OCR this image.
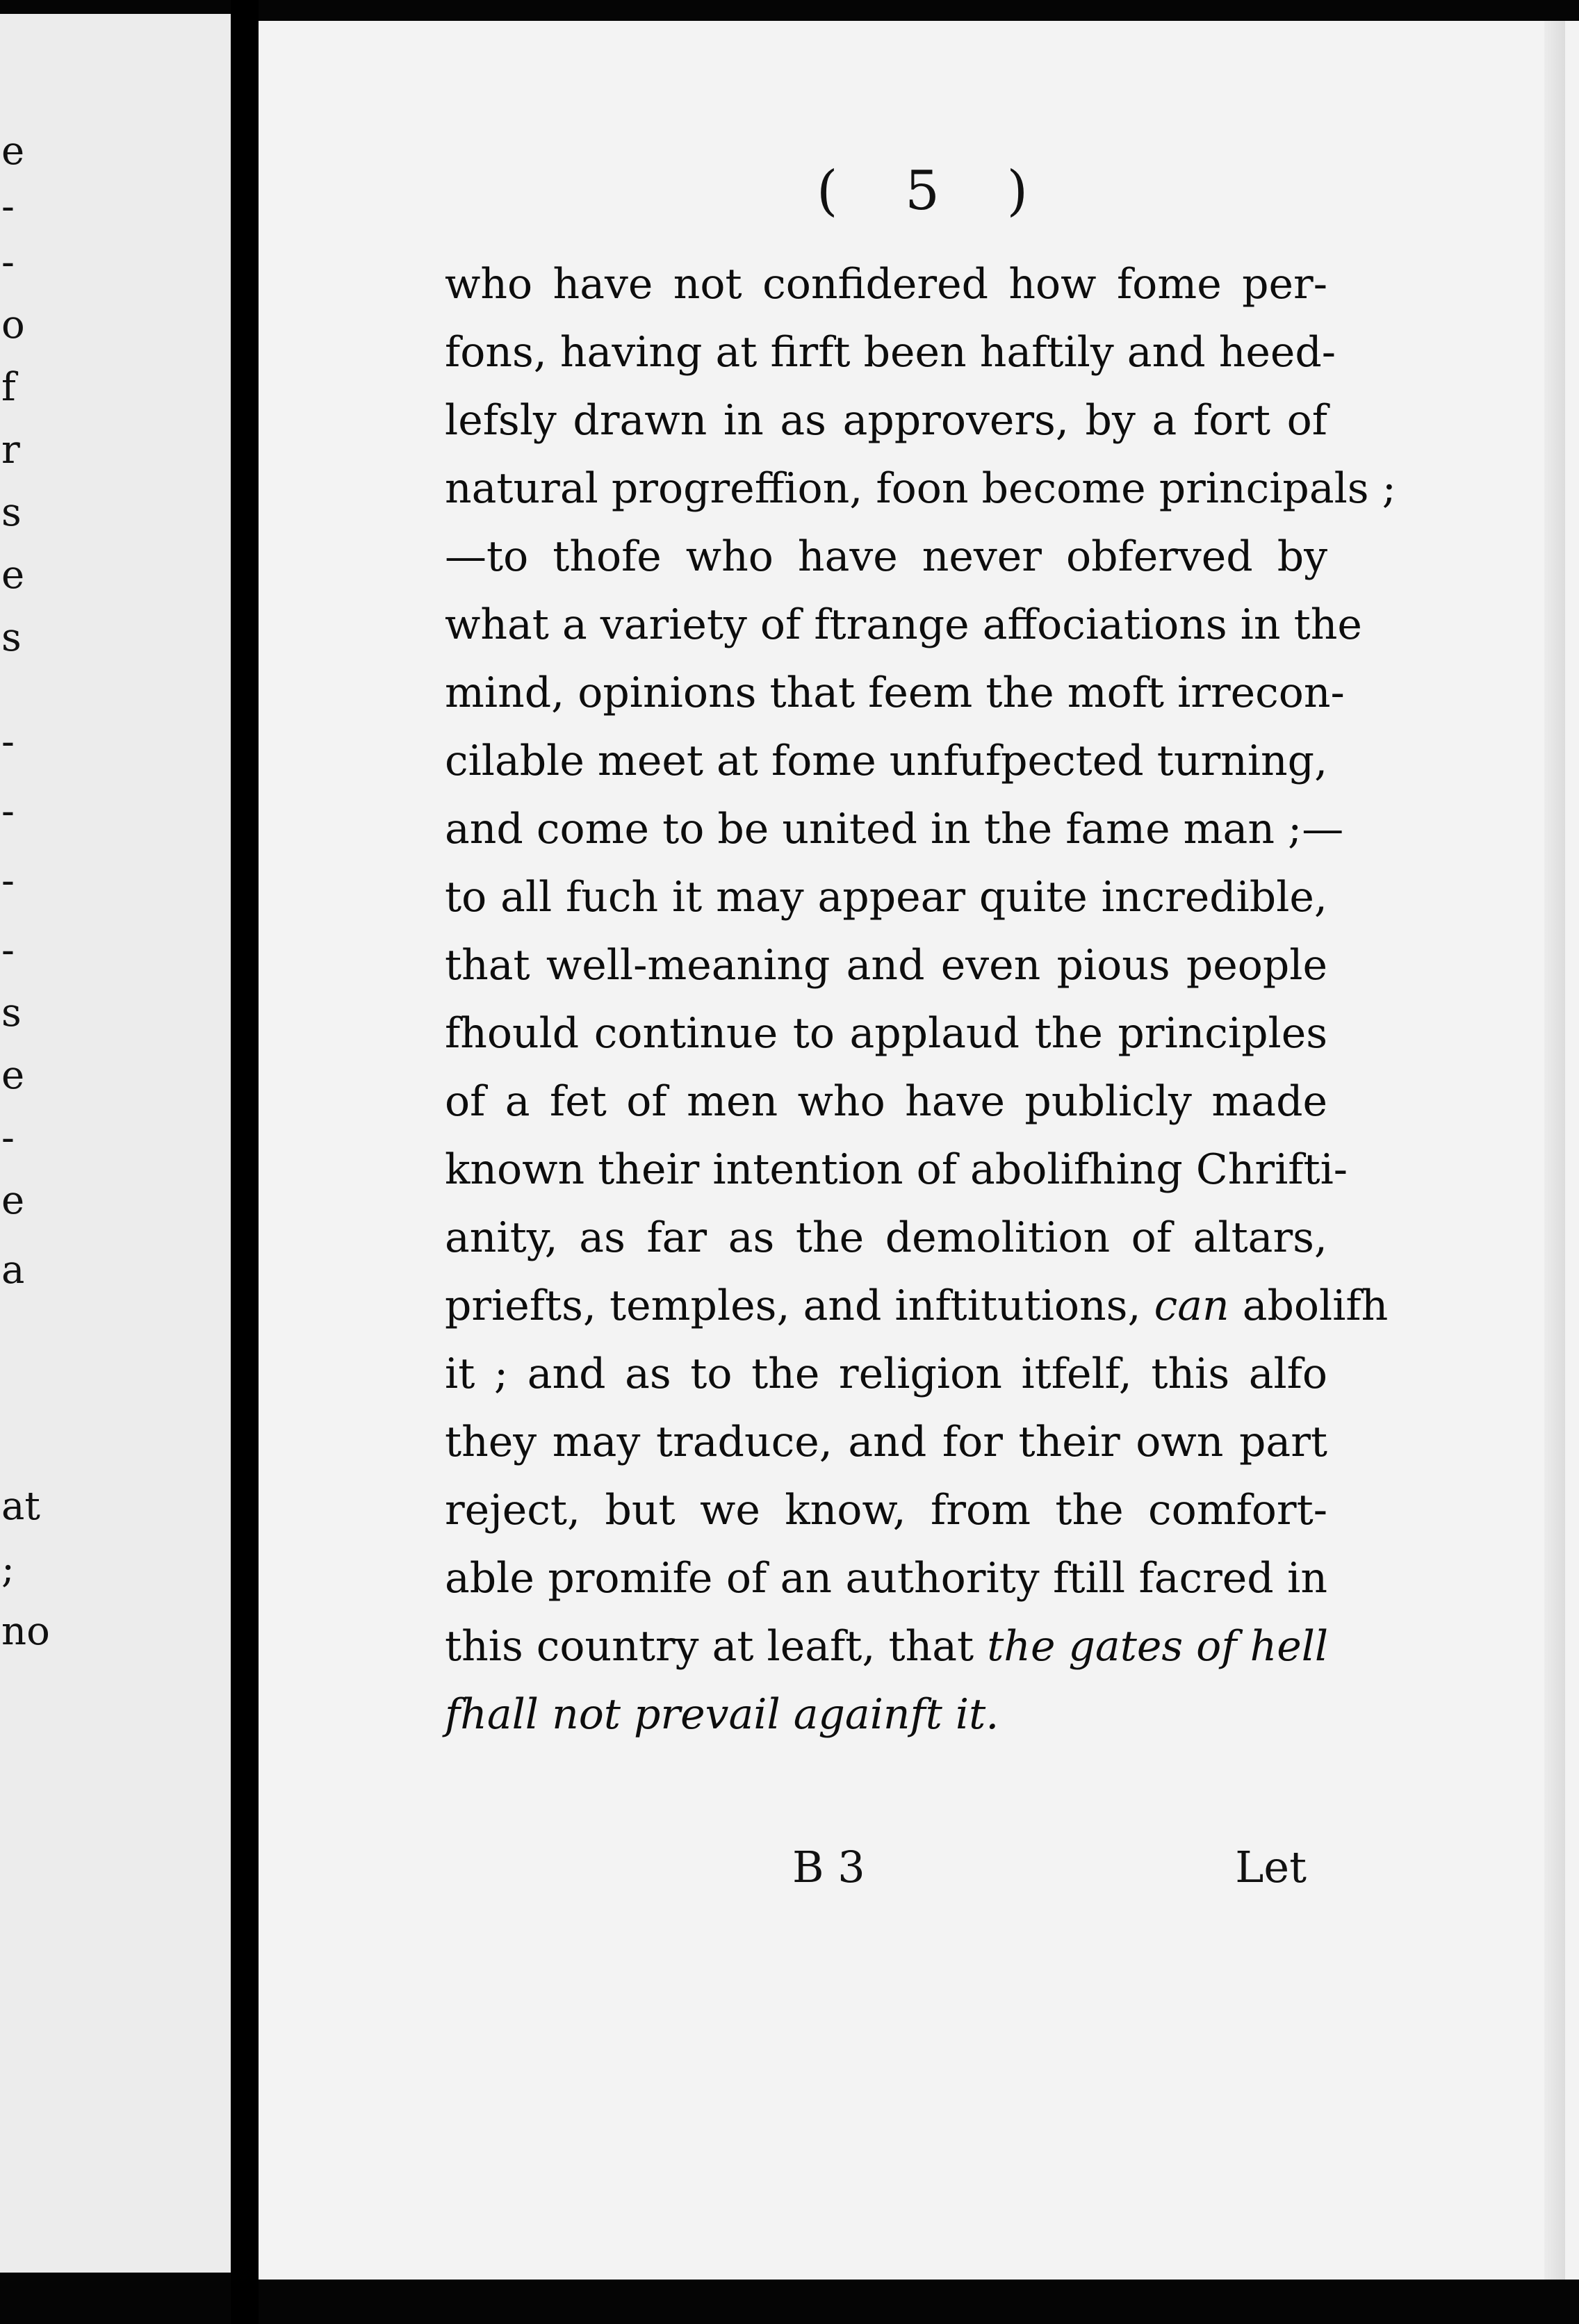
e
-
-
o
f
r
s
e
s
-
-
-
-
s
e
-
e
a
at
;
no
( 5 )
who have not confidered how fome per-
fons, having at firft been haftily and heed-
lefsly drawn in as approvers, by a fort of
natural progreffion, foon become principals ;
—to thofe who have never obferved by
what a variety of ftrange affociations in the
mind, opinions that feem the moft irrecon-
cilable meet at fome unfufpected turning,
and come to be united in the fame man ;—
to all fuch it may appear quite incredible,
that well-meaning and even pious people
fhould continue to applaud the principles
of a fet of men who have publicly made
known their intention of abolifhing Chrifti-
anity, as far as the demolition of altars,
priefts, temples, and inftitutions, can abolifh
it ; and as to the religion itfelf, this alfo
they may traduce, and for their own part
reject, but we know, from the comfort-
able promife of an authority ftill facred in
this country at leaft, that the gates of hell
fhall not prevail againft it.
B 3	Let
